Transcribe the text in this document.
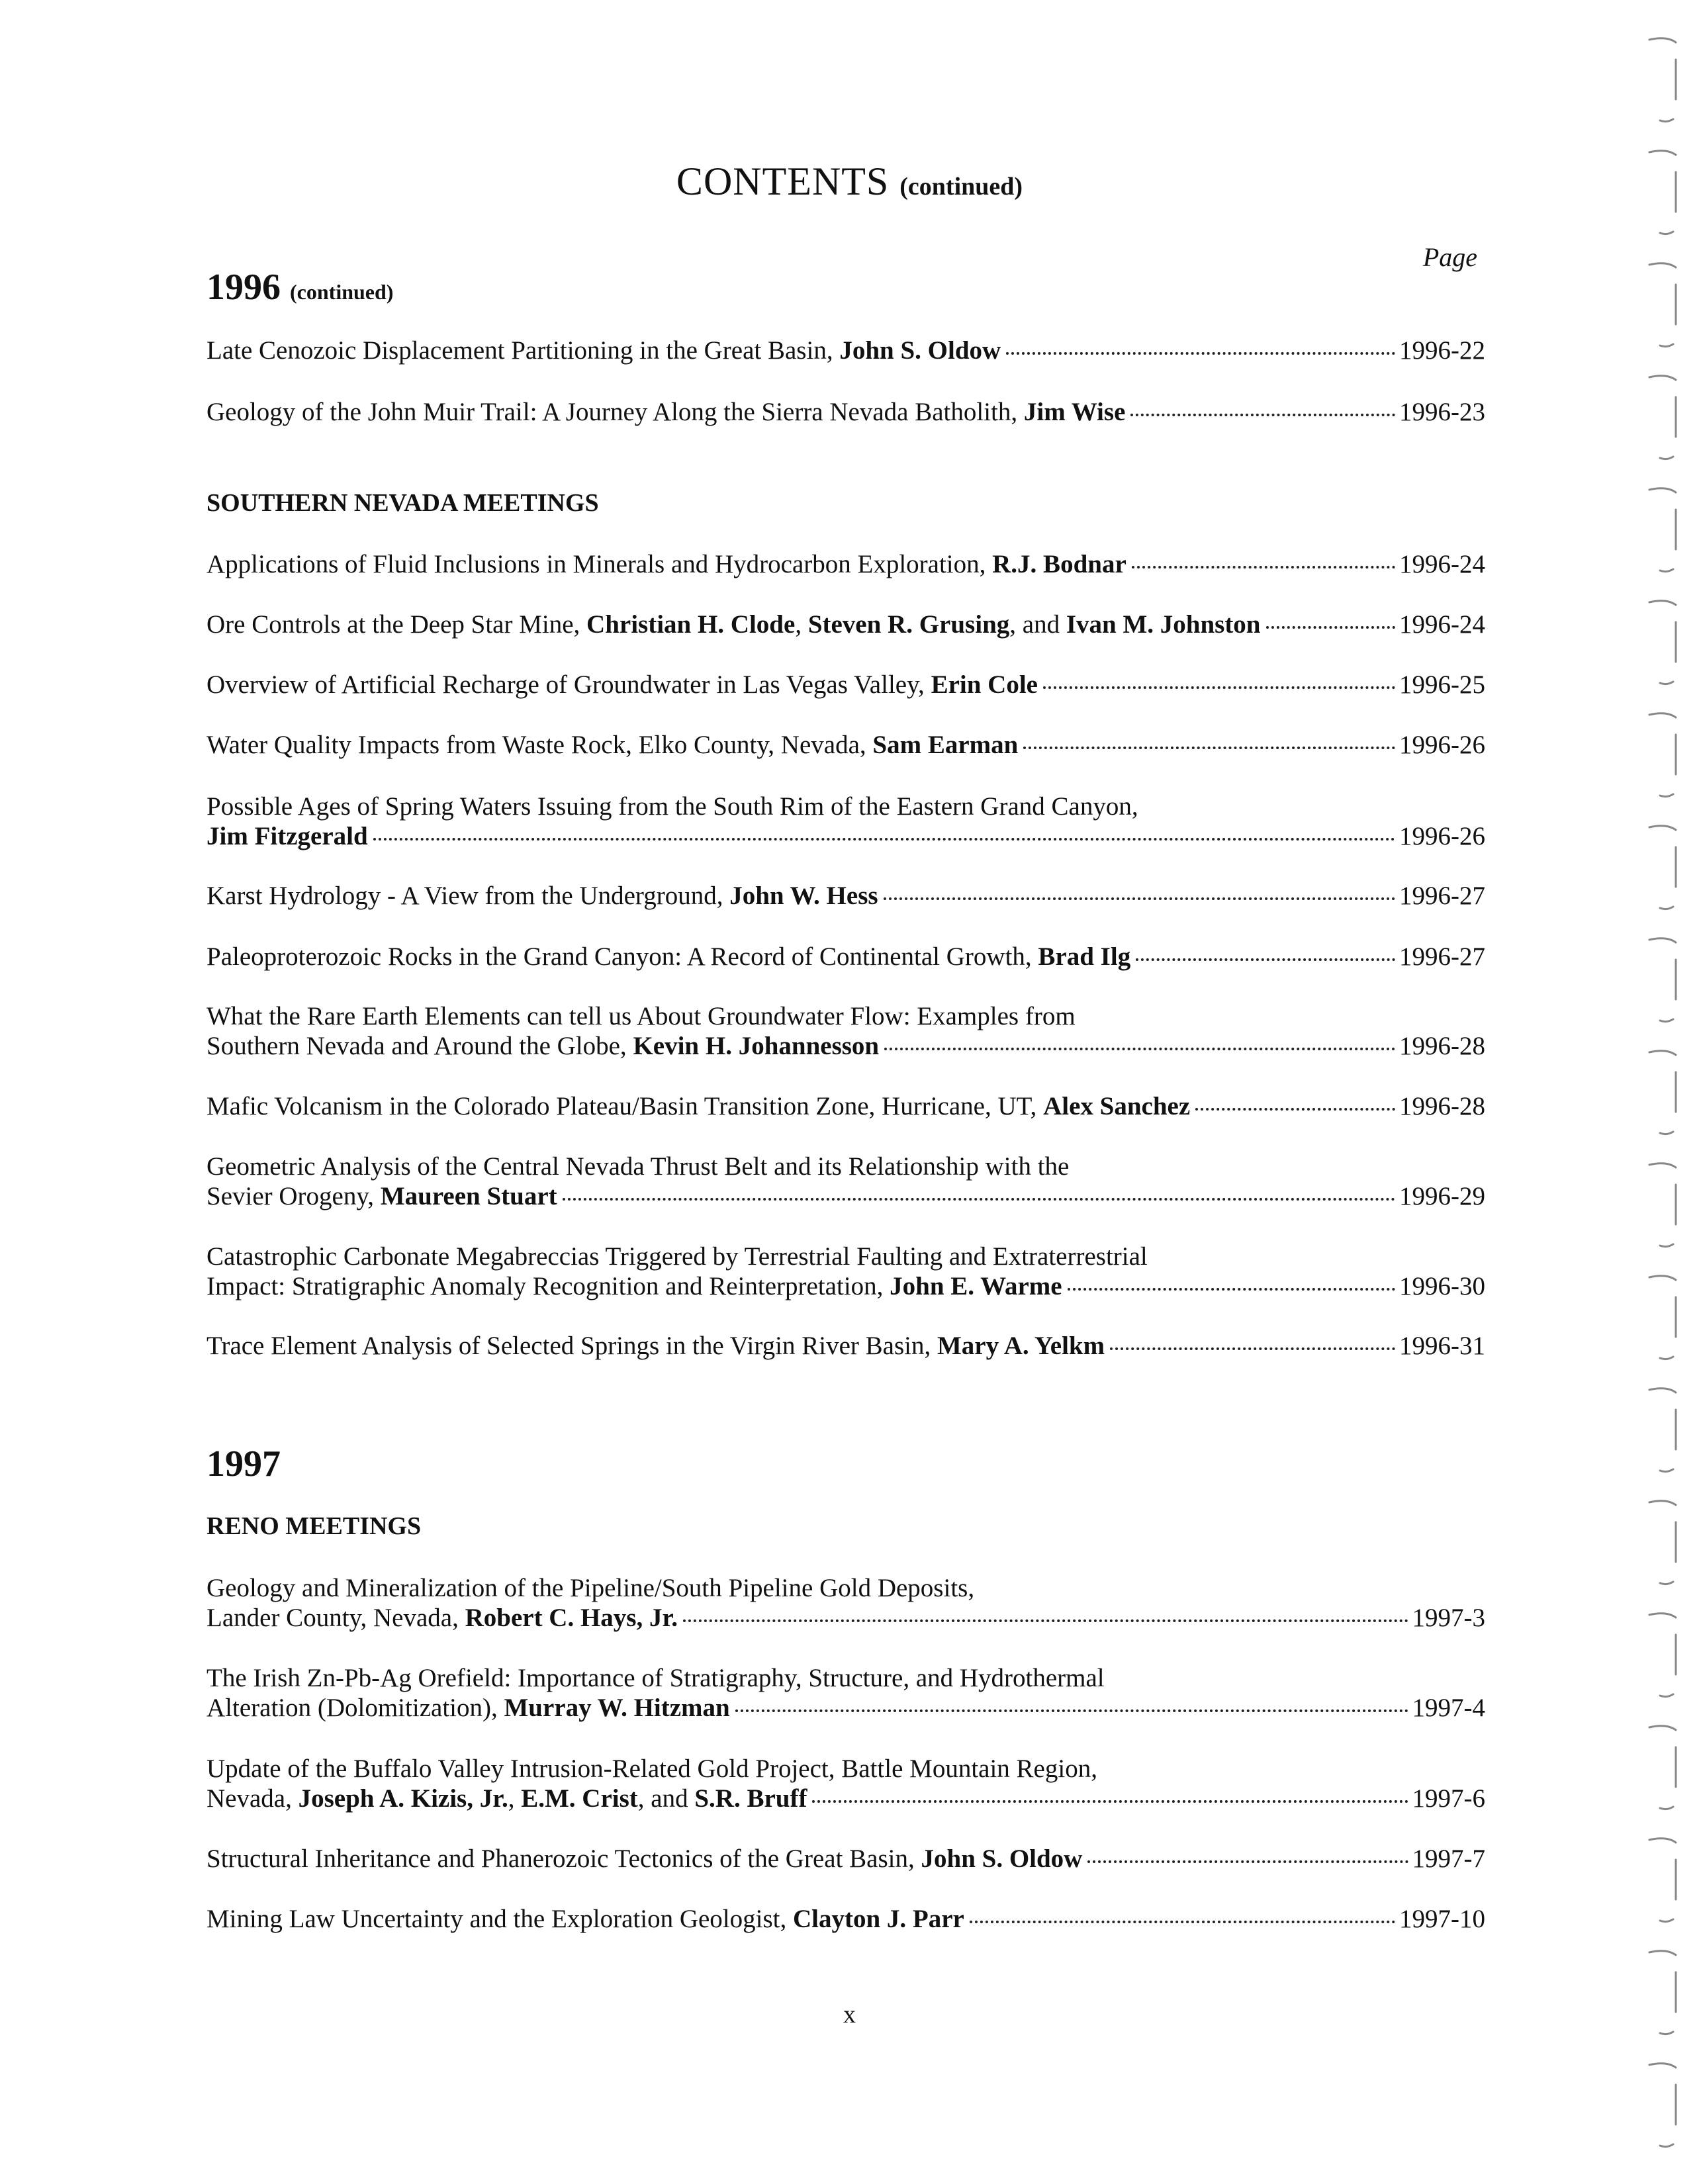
CONTENTS (continued)
Page
1996 (continued)
Late Cenozoic Displacement Partitioning in the Great Basin, John S. Oldow	1996-22
Geology of the John Muir Trail: A Journey Along the Sierra Nevada Batholith, Jim Wise	1996-23
SOUTHERN NEVADA MEETINGS
Applications of Fluid Inclusions in Minerals and Hydrocarbon Exploration, R.J. Bodnar	1996-24
Ore Controls at the Deep Star Mine, Christian H. Clode, Steven R. Grusing, and Ivan M. Johnston	1996-24
Overview of Artificial Recharge of Groundwater in Las Vegas Valley, Erin Cole	1996-25
Water Quality Impacts from Waste Rock, Elko County, Nevada, Sam Earman	1996-26
Possible Ages of Spring Waters Issuing from the South Rim of the Eastern Grand Canyon,
Jim Fitzgerald	1996-26
Karst Hydrology - A View from the Underground, John W. Hess	1996-27
Paleoproterozoic Rocks in the Grand Canyon: A Record of Continental Growth, Brad Ilg	1996-27
What the Rare Earth Elements can tell us About Groundwater Flow: Examples from
Southern Nevada and Around the Globe, Kevin H. Johannesson	1996-28
Mafic Volcanism in the Colorado Plateau/Basin Transition Zone, Hurricane, UT, Alex Sanchez	1996-28
Geometric Analysis of the Central Nevada Thrust Belt and its Relationship with the
Sevier Orogeny, Maureen Stuart	1996-29
Catastrophic Carbonate Megabreccias Triggered by Terrestrial Faulting and Extraterrestrial
Impact: Stratigraphic Anomaly Recognition and Reinterpretation, John E. Warme	1996-30
Trace Element Analysis of Selected Springs in the Virgin River Basin, Mary A. Yelkm	1996-31
1997
RENO MEETINGS
Geology and Mineralization of the Pipeline/South Pipeline Gold Deposits,
Lander County, Nevada, Robert C. Hays, Jr.	1997-3
The Irish Zn-Pb-Ag Orefield: Importance of Stratigraphy, Structure, and Hydrothermal
Alteration (Dolomitization), Murray W. Hitzman	1997-4
Update of the Buffalo Valley Intrusion-Related Gold Project, Battle Mountain Region,
Nevada, Joseph A. Kizis, Jr., E.M. Crist, and S.R. Bruff	1997-6
Structural Inheritance and Phanerozoic Tectonics of the Great Basin, John S. Oldow	1997-7
Mining Law Uncertainty and the Exploration Geologist, Clayton J. Parr	1997-10
x
